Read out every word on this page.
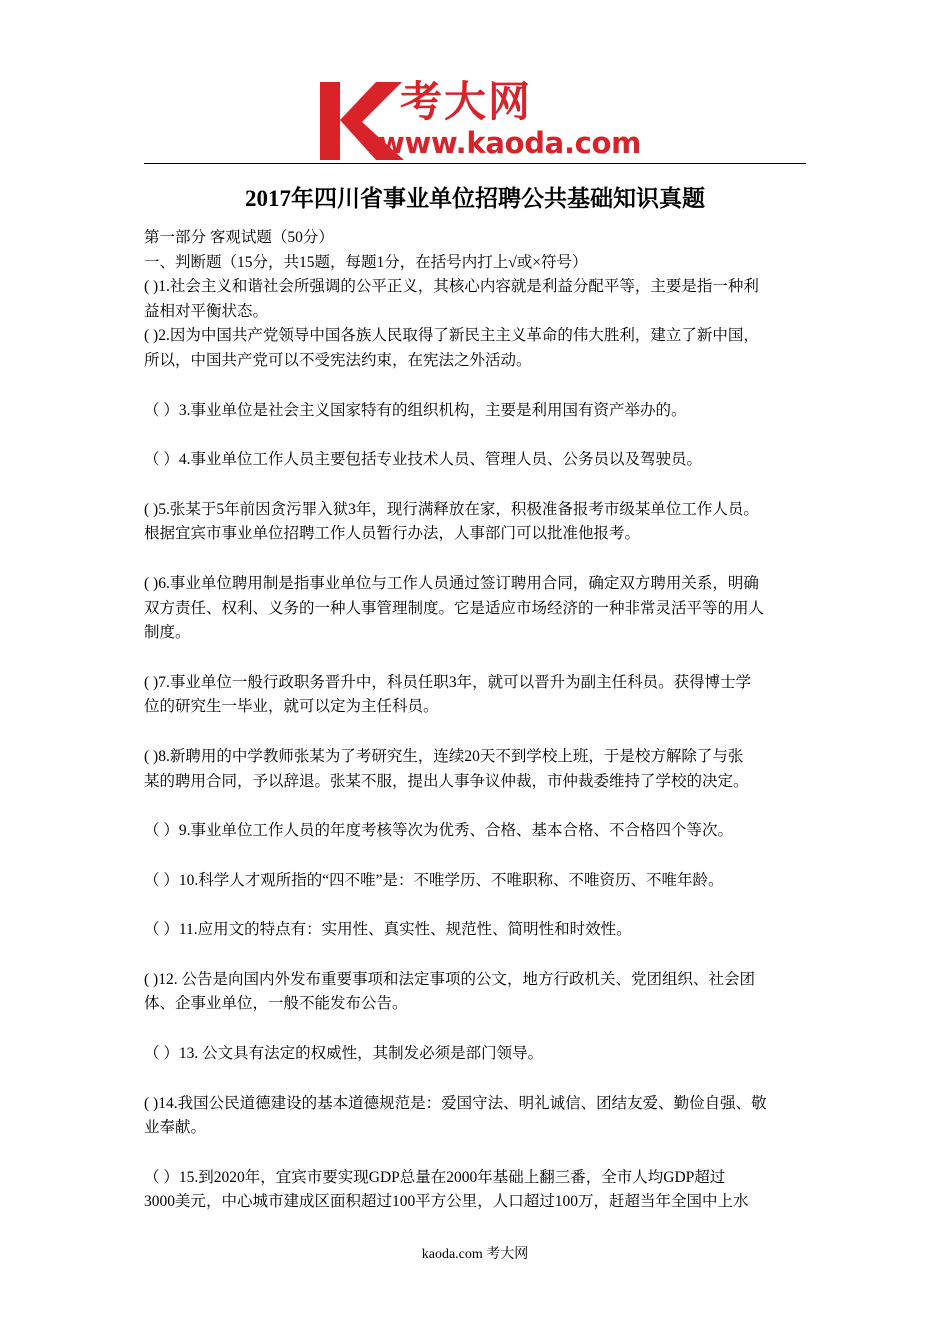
考大网
www.kaoda.com
2017年四川省事业单位招聘公共基础知识真题

第一部分 客观试题（50分）

一、判断题（15分，共15题，每题1分，在括号内打上√或×符号）

( )1.社会主义和谐社会所强调的公平正义，其核心内容就是利益分配平等，主要是指一种利
益相对平衡状态。

( )2.因为中国共产党领导中国各族人民取得了新民主主义革命的伟大胜利，建立了新中国，
所以，中国共产党可以不受宪法约束，在宪法之外活动。

（ ）3.事业单位是社会主义国家特有的组织机构，主要是利用国有资产举办的。

（ ）4.事业单位工作人员主要包括专业技术人员、管理人员、公务员以及驾驶员。

( )5.张某于5年前因贪污罪入狱3年，现行满释放在家，积极准备报考市级某单位工作人员。
根据宜宾市事业单位招聘工作人员暂行办法，人事部门可以批准他报考。

( )6.事业单位聘用制是指事业单位与工作人员通过签订聘用合同，确定双方聘用关系，明确
双方责任、权利、义务的一种人事管理制度。它是适应市场经济的一种非常灵活平等的用人
制度。

( )7.事业单位一般行政职务晋升中，科员任职3年，就可以晋升为副主任科员。获得博士学
位的研究生一毕业，就可以定为主任科员。

( )8.新聘用的中学教师张某为了考研究生，连续20天不到学校上班，于是校方解除了与张
某的聘用合同，予以辞退。张某不服，提出人事争议仲裁，市仲裁委维持了学校的决定。

（ ）9.事业单位工作人员的年度考核等次为优秀、合格、基本合格、不合格四个等次。

（ ）10.科学人才观所指的“四不唯”是：不唯学历、不唯职称、不唯资历、不唯年龄。

（ ）11.应用文的特点有：实用性、真实性、规范性、简明性和时效性。

( )12. 公告是向国内外发布重要事项和法定事项的公文，地方行政机关、党团组织、社会团
体、企事业单位，一般不能发布公告。

（ ）13. 公文具有法定的权威性，其制发必须是部门领导。

( )14.我国公民道德建设的基本道德规范是：爱国守法、明礼诚信、团结友爱、勤俭自强、敬
业奉献。

（ ）15.到2020年，宜宾市要实现GDP总量在2000年基础上翻三番，全市人均GDP超过
3000美元，中心城市建成区面积超过100平方公里，人口超过100万，赶超当年全国中上水

kaoda.com 考大网
